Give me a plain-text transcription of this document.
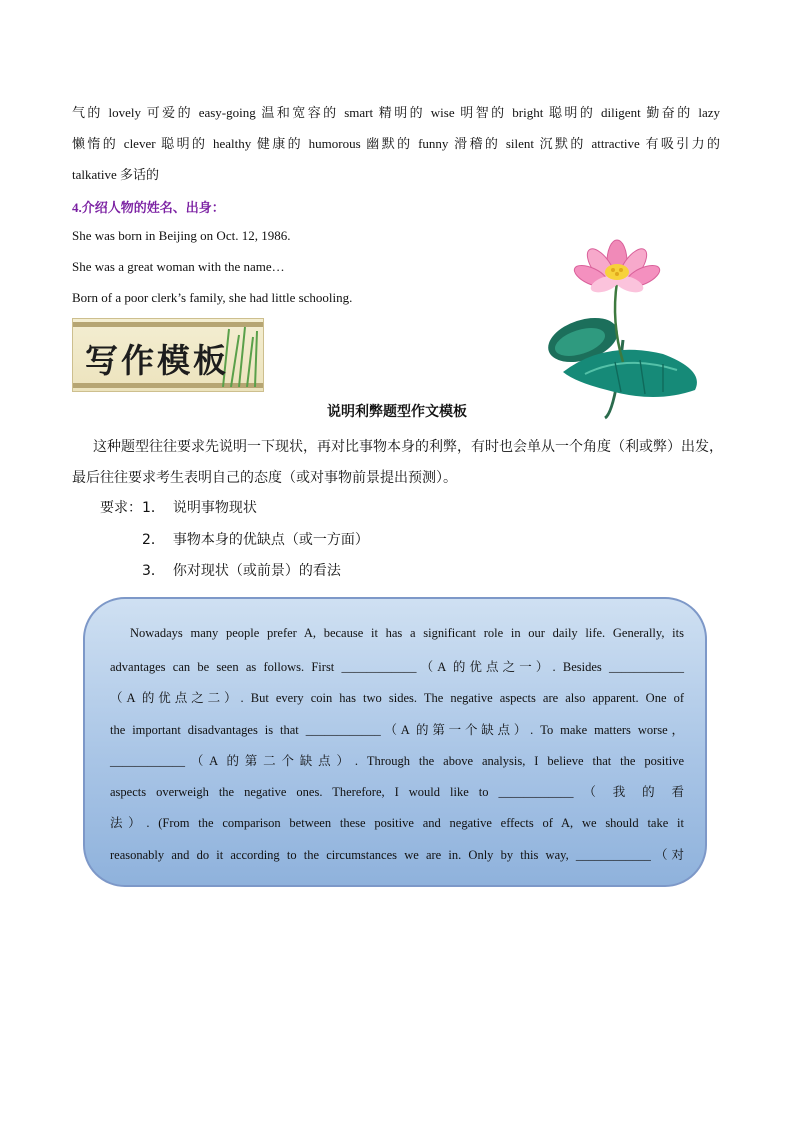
气的 lovely 可爱的 easy-going 温和宽容的 smart 精明的 wise 明智的 bright 聪明的 diligent 勤奋的 lazy
懒惰的 clever 聪明的 healthy 健康的 humorous 幽默的 funny 滑稽的 silent 沉默的 attractive 有吸引力的
talkative 多话的
4.介绍人物的姓名、出身：
She was born in Beijing on Oct. 12, 1986.
She was a great woman with the name…
Born of a poor clerk’s family, she had little schooling.
写作模板
说明利弊题型作文模板
这种题型往往要求先说明一下现状，再对比事物本身的利弊，有时也会单从一个角度（利或弊）出发，
最后往往要求考生表明自己的态度（或对事物前景提出预测）。
要求：1． 说明事物现状
2． 事物本身的优缺点（或一方面）
3． 你对现状（或前景）的看法
Nowadays many people prefer A, because it has a significant role in our daily life. Generally, its
advantages can be seen as follows. First ____________（A 的优点之一）. Besides ____________
（A 的优点之二）. But every coin has two sides. The negative aspects are also apparent. One of
the important disadvantages is that ____________（A 的第一个缺点）. To make matters worse，
____________（A 的第二个缺点）. Through the above analysis, I believe that the positive
aspects overweigh the negative ones. Therefore, I would like to ____________ （ 我 的 看
法）. (From the comparison between these positive and negative effects of A, we should take it
reasonably and do it according to the circumstances we are in. Only by this way, ____________（对
